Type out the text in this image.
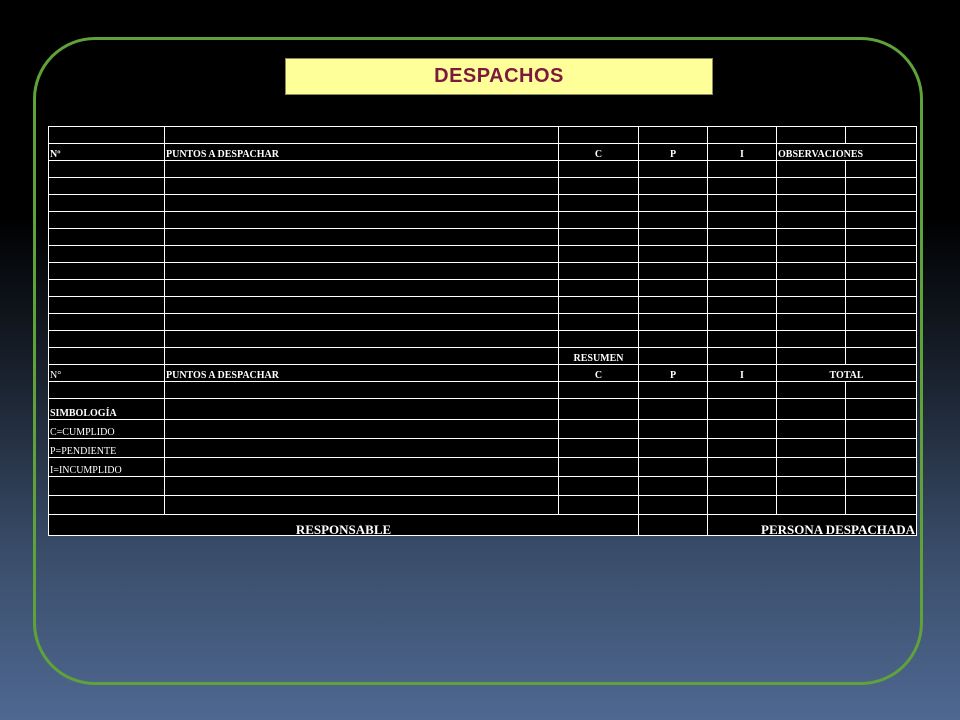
DESPACHOS

Nº	PUNTOS A DESPACHAR	C	P	I	OBSERVACIONES	

		RESUMEN				
N°	PUNTOS A DESPACHAR	C	P	I	TOTAL	

SIMBOLOGÍA						
C=CUMPLIDO						
P=PENDIENTE						
I=INCUMPLIDO						

RESPONSABLE				PERSONA DESPACHADA		
